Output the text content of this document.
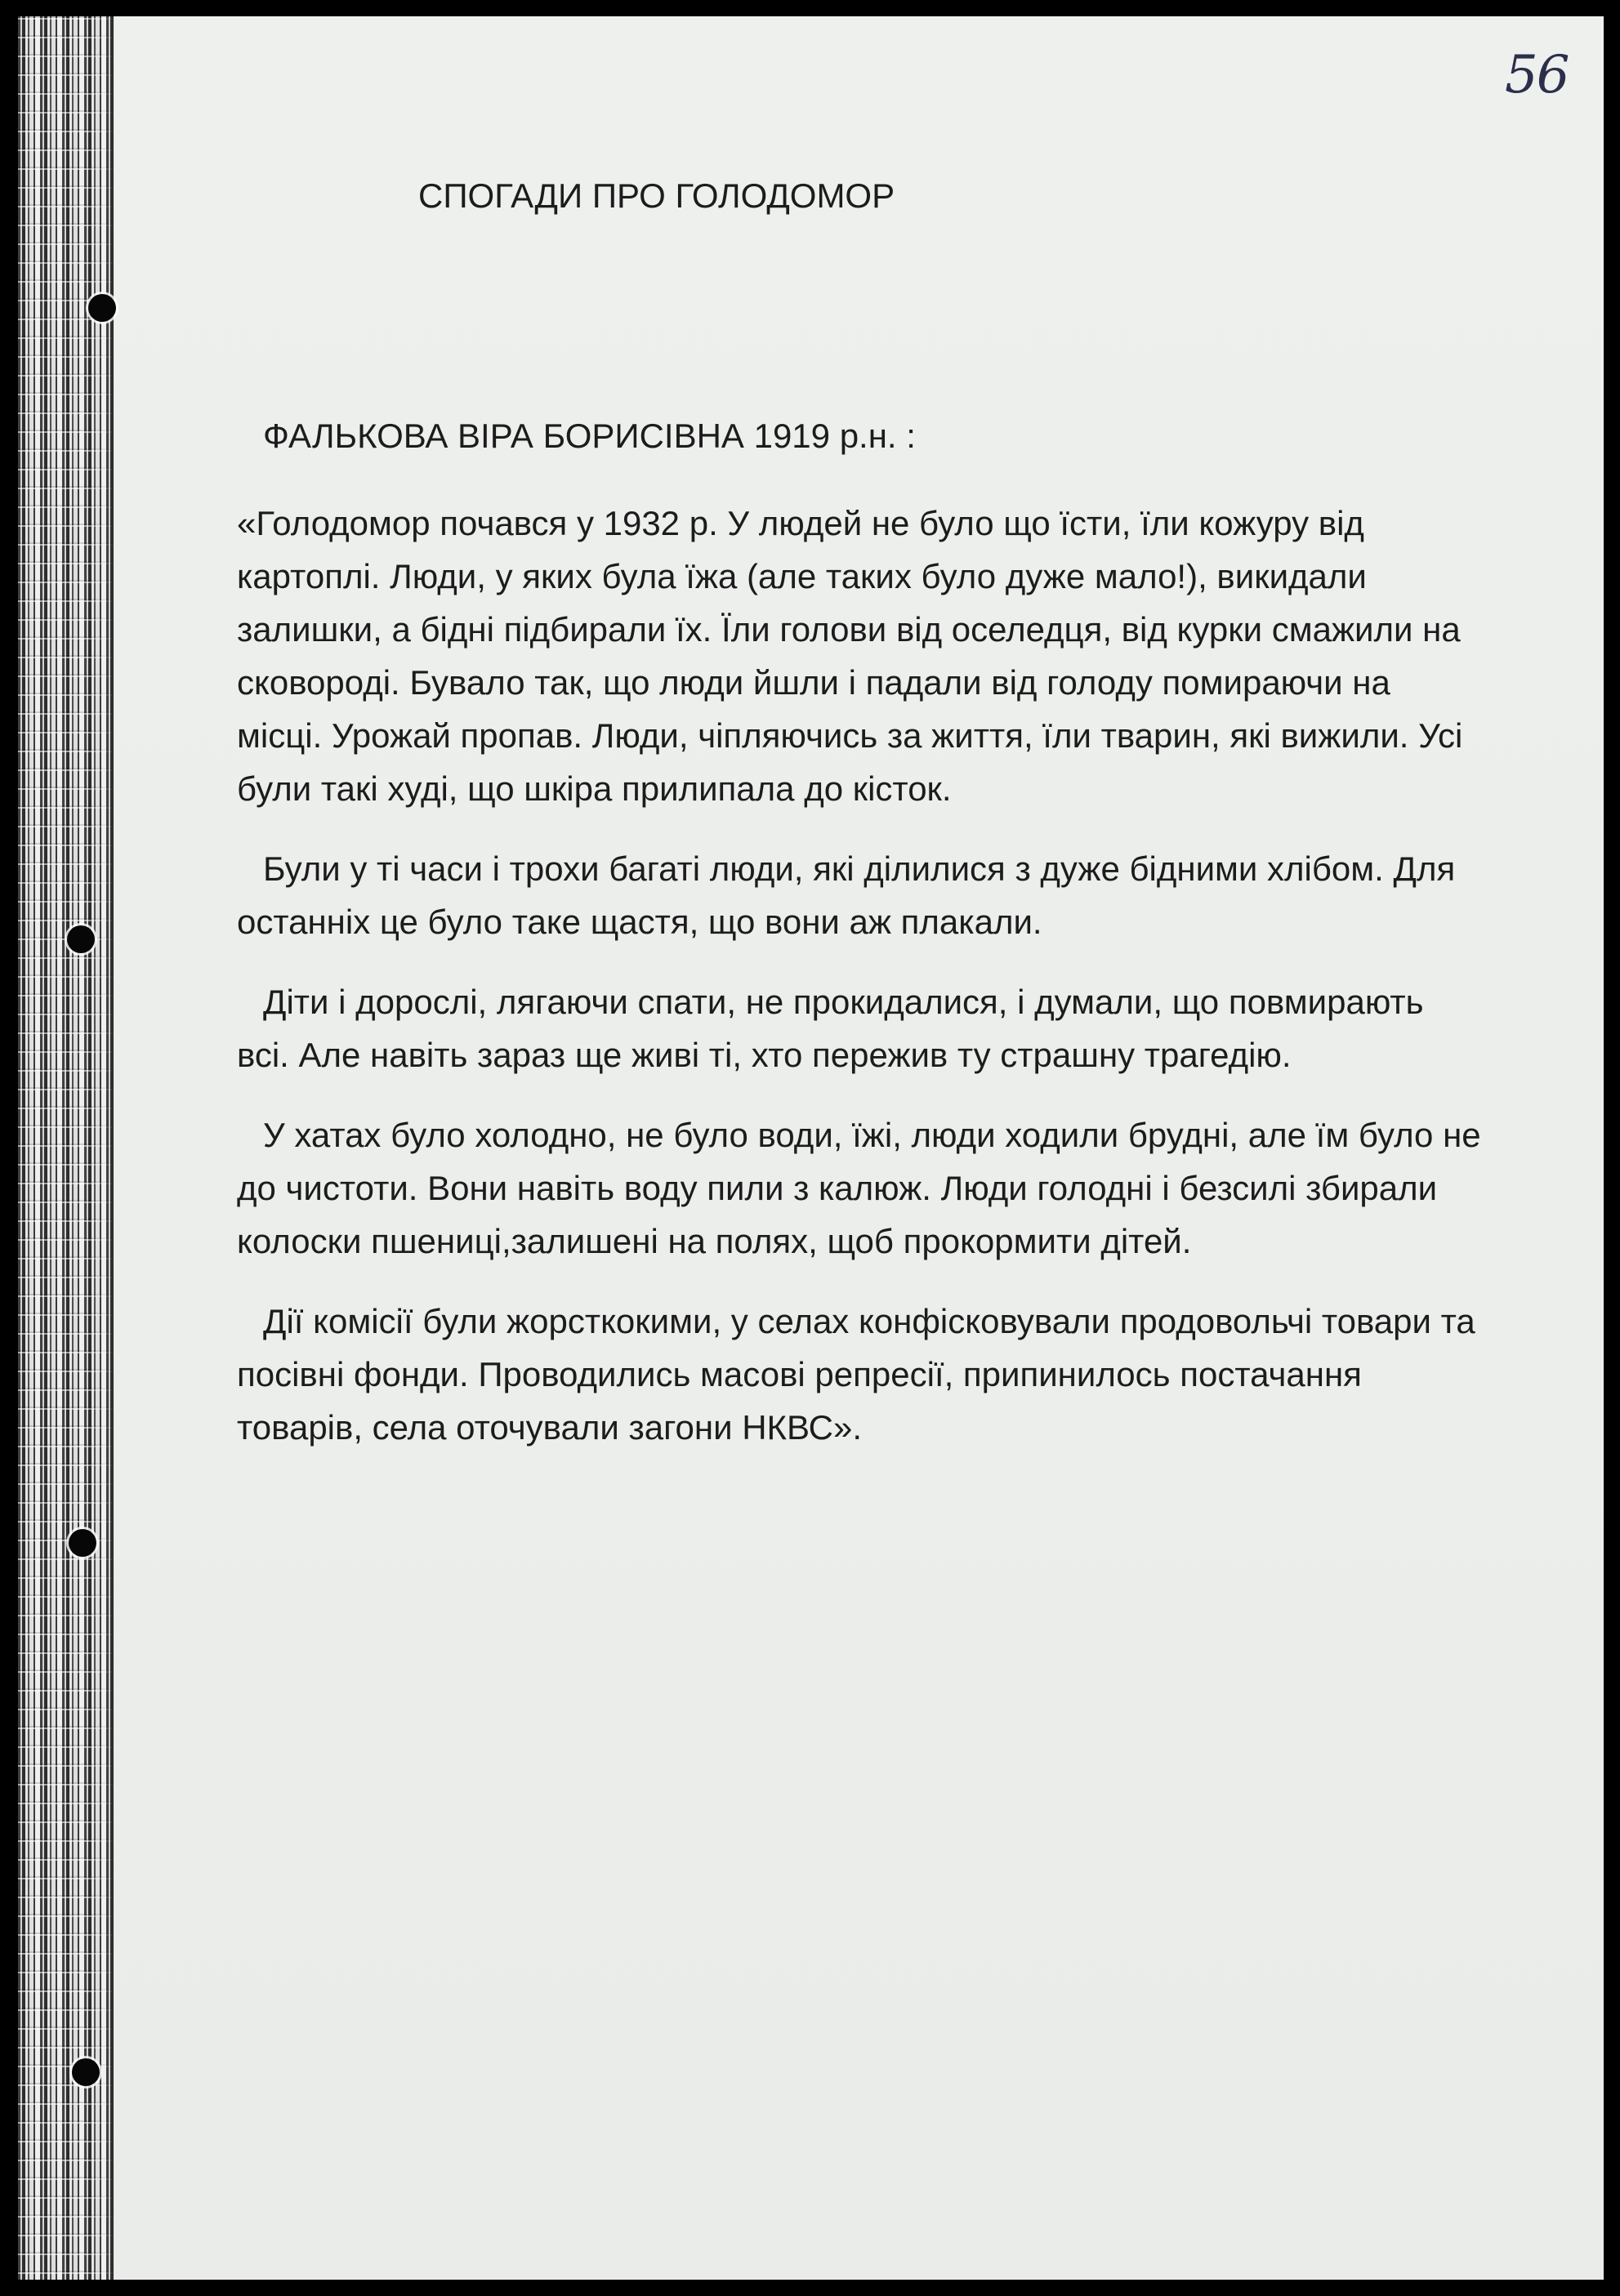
56
СПОГАДИ ПРО ГОЛОДОМОР

ФАЛЬКОВА ВІРА БОРИСІВНА 1919 р.н. :

«Голодомор почався у 1932 р. У людей не було що їсти, їли кожуру від
картоплі. Люди, у яких була їжа (але таких було дуже мало!), викидали
залишки, а бідні підбирали їх. Їли голови від оселедця, від курки смажили на
сковороді. Бувало так, що люди йшли і падали від голоду помираючи на
місці. Урожай пропав. Люди, чіпляючись за життя, їли тварин, які вижили. Усі
були такі худі, що шкіра прилипала до кісток.

Були у ті часи і трохи багаті люди, які ділилися з дуже бідними хлібом. Для
останніх це було таке щастя, що вони аж плакали.

Діти і дорослі, лягаючи спати, не прокидалися, і думали, що повмирають
всі. Але навіть зараз ще живі ті, хто пережив ту страшну трагедію.

У хатах було холодно, не було води, їжі, люди ходили брудні, але їм було не
до чистоти. Вони навіть воду пили з калюж. Люди голодні і безсилі збирали
колоски пшениці,залишені на полях, щоб прокормити дітей.

Дії комісії були жорсткокими, у селах конфісковували продовольчі товари та
посівні фонди. Проводились масові репресії, припинилось постачання
товарів, села оточували загони НКВС».
